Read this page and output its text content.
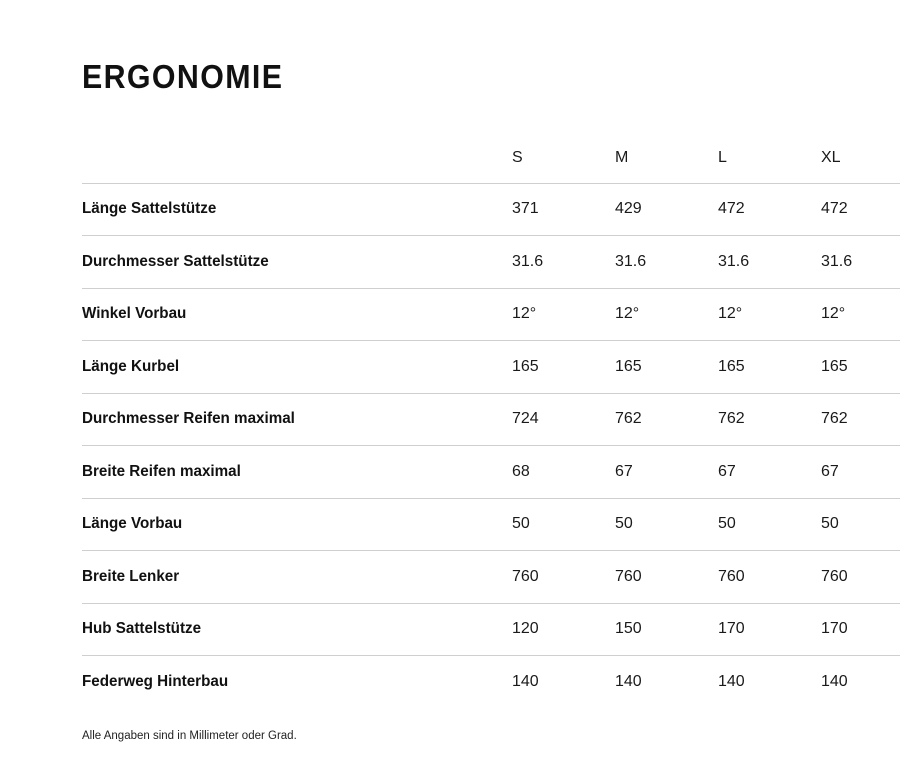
ERGONOMIE
	S	M	L	XL
Länge Sattelstütze	371	429	472	472
Durchmesser Sattelstütze	31.6	31.6	31.6	31.6
Winkel Vorbau	12°	12°	12°	12°
Länge Kurbel	165	165	165	165
Durchmesser Reifen maximal	724	762	762	762
Breite Reifen maximal	68	67	67	67
Länge Vorbau	50	50	50	50
Breite Lenker	760	760	760	760
Hub Sattelstütze	120	150	170	170
Federweg Hinterbau	140	140	140	140
Alle Angaben sind in Millimeter oder Grad.
